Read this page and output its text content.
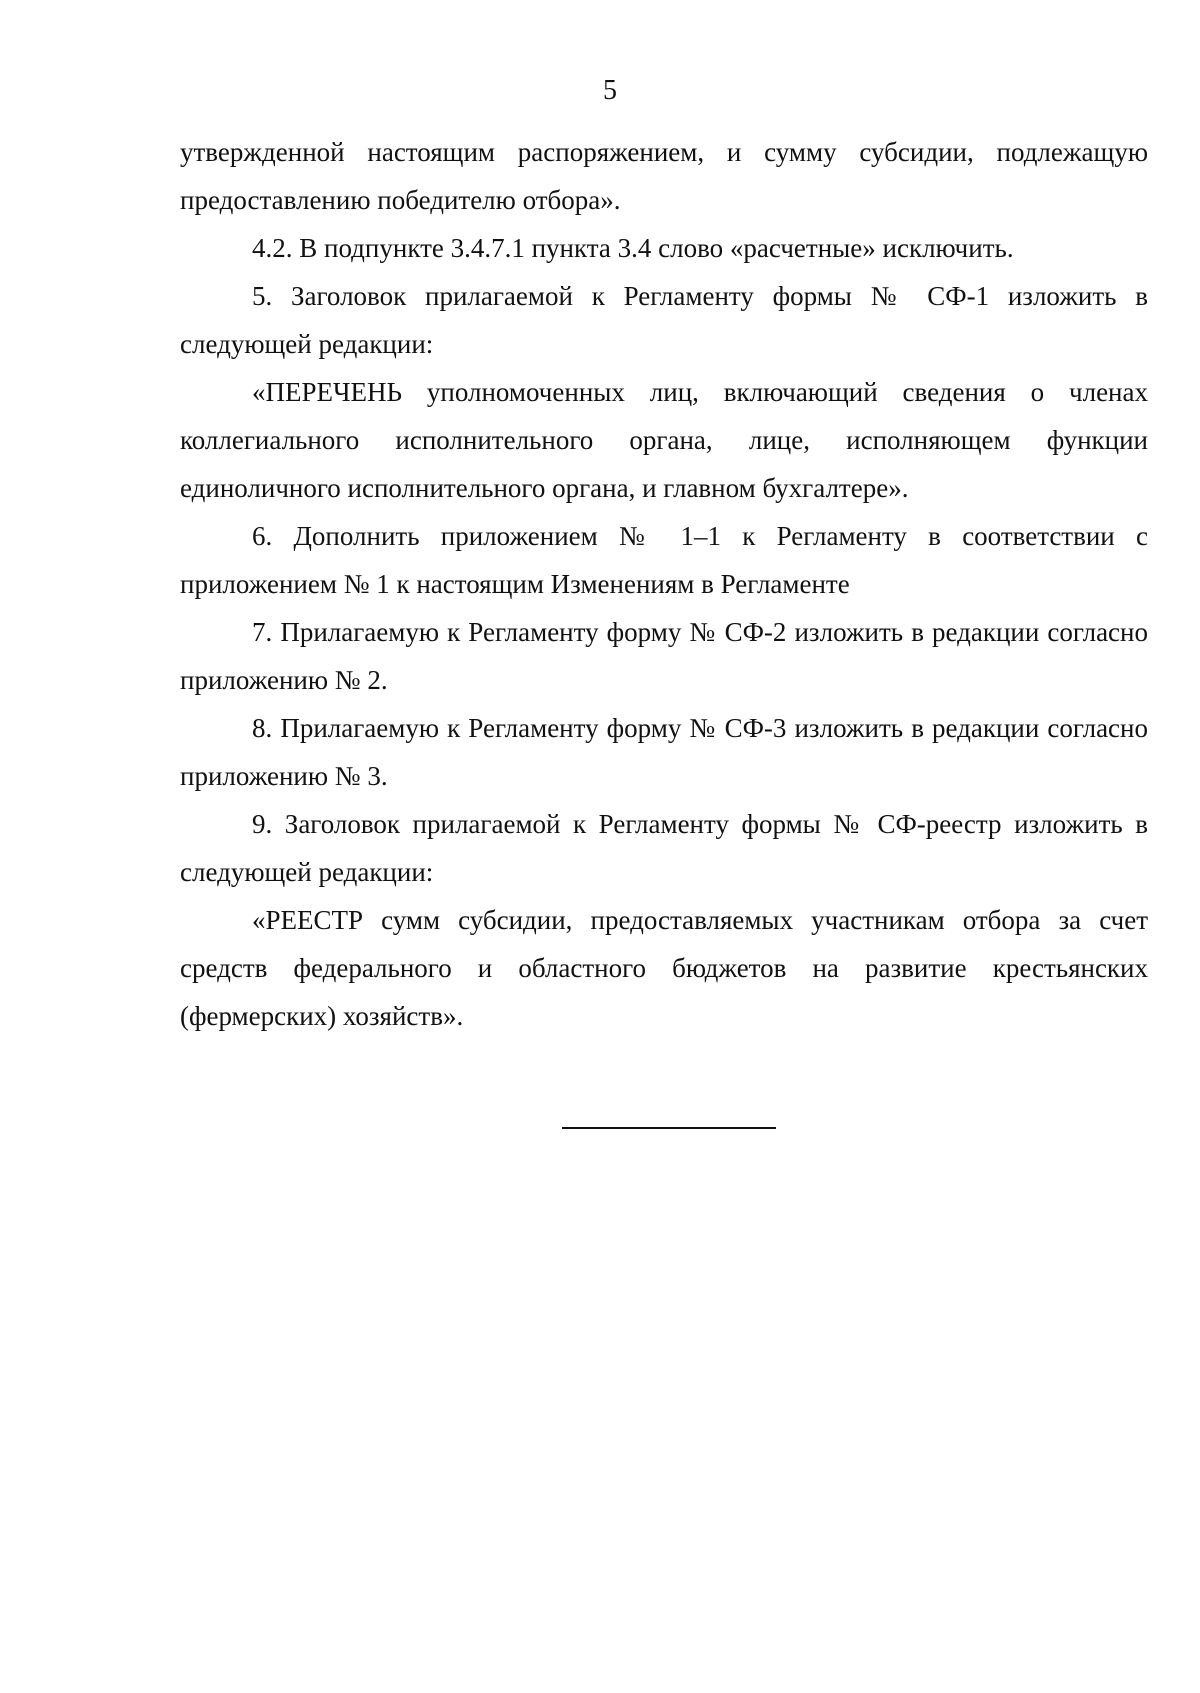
5

утвержденной настоящим распоряжением, и сумму субсидии, подлежащую предоставлению победителю отбора».

4.2. В подпункте 3.4.7.1 пункта 3.4 слово «расчетные» исключить.

5. Заголовок прилагаемой к Регламенту формы № СФ-1 изложить в следующей редакции:

«ПЕРЕЧЕНЬ уполномоченных лиц, включающий сведения о членах коллегиального исполнительного органа, лице, исполняющем функции единоличного исполнительного органа, и главном бухгалтере».

6. Дополнить приложением № 1–1 к Регламенту в соответствии с приложением № 1 к настоящим Изменениям в Регламенте

7. Прилагаемую к Регламенту форму № СФ-2 изложить в редакции согласно приложению № 2.

8. Прилагаемую к Регламенту форму № СФ-3 изложить в редакции согласно приложению № 3.

9. Заголовок прилагаемой к Регламенту формы № СФ-реестр изложить в следующей редакции:

«РЕЕСТР сумм субсидии, предоставляемых участникам отбора за счет средств федерального и областного бюджетов на развитие крестьянских (фермерских) хозяйств».
